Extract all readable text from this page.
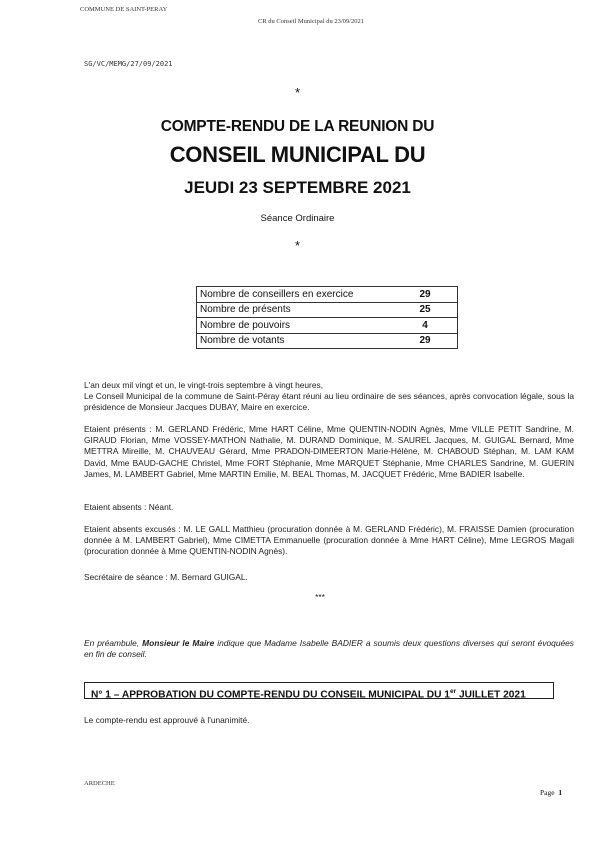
COMMUNE DE SAINT-PERAY
CR du Conseil Municipal du 23/09/2021
SG/VC/MEMG/27/09/2021
*
COMPTE-RENDU DE LA REUNION DU
CONSEIL MUNICIPAL DU
JEUDI 23 SEPTEMBRE 2021
Séance Ordinaire
*
Nombre de conseillers en exercice	29
Nombre de présents	25
Nombre de pouvoirs	4
Nombre de votants	29
L'an deux mil vingt et un, le vingt-trois septembre à vingt heures,
Le Conseil Municipal de la commune de Saint-Péray étant réuni au lieu ordinaire de ses séances, après convocation légale, sous la présidence de Monsieur Jacques DUBAY, Maire en exercice.
Etaient présents : M. GERLAND Frédéric, Mme HART Céline, Mme QUENTIN-NODIN Agnès, Mme VILLE PETIT Sandrine, M. GIRAUD Florian, Mme VOSSEY-MATHON Nathalie, M. DURAND Dominique, M. SAUREL Jacques, M. GUIGAL Bernard, Mme METTRA Mireille, M. CHAUVEAU Gérard, Mme PRADON-DIMEERTON Marie-Hélène, M. CHABOUD Stéphan, M. LAM KAM David, Mme BAUD-GACHE Christel, Mme FORT Stéphanie, Mme MARQUET Stéphanie, Mme CHARLES Sandrine, M. GUERIN James, M. LAMBERT Gabriel, Mme MARTIN Emilie, M. BEAL Thomas, M. JACQUET Frédéric, Mme BADIER Isabelle.
Etaient absents : Néant.
Etaient absents excusés : M. LE GALL Matthieu (procuration donnée à M. GERLAND Frédéric), M. FRAISSE Damien (procuration donnée à M. LAMBERT Gabriel), Mme CIMETTA Emmanuelle (procuration donnée à Mme HART Céline), Mme LEGROS Magali (procuration donnée à Mme QUENTIN-NODIN Agnès).
Secrétaire de séance : M. Bernard GUIGAL.
***
En préambule, Monsieur le Maire indique que Madame Isabelle BADIER a soumis deux questions diverses qui seront évoquées en fin de conseil.
N° 1 – APPROBATION DU COMPTE-RENDU DU CONSEIL MUNICIPAL DU 1er JUILLET 2021
Le compte-rendu est approuvé à l'unanimité.
ARDECHE
Page 1
